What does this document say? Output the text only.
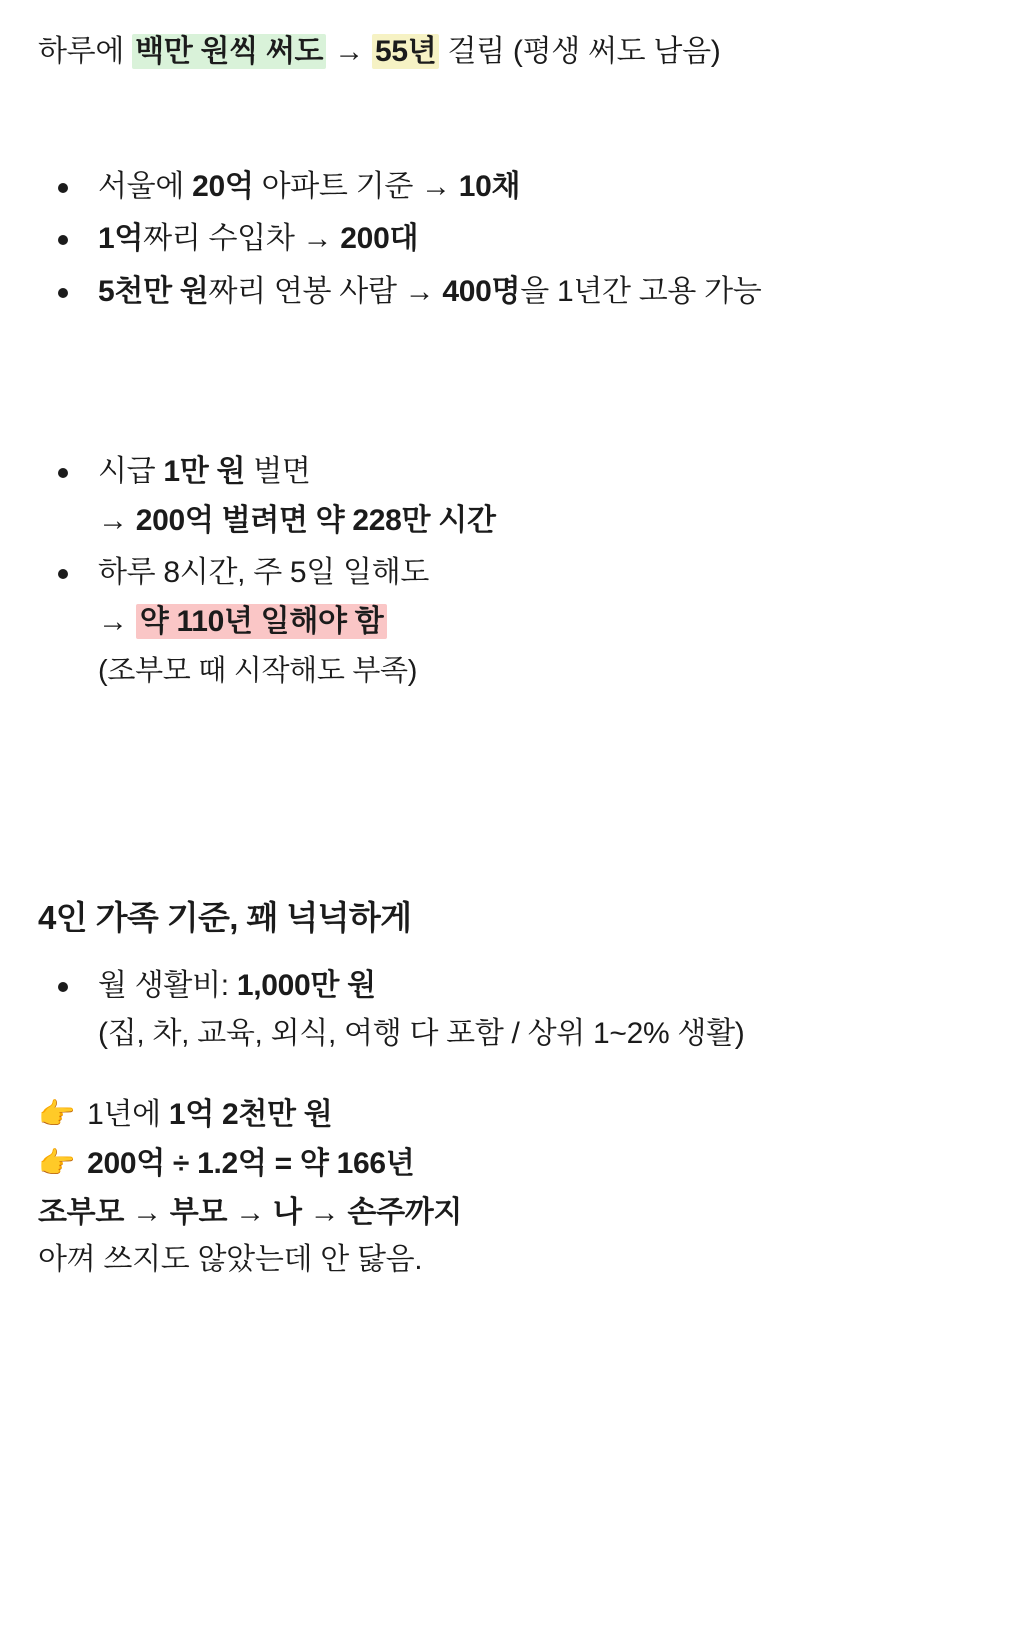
하루에 백만 원씩 써도 → 55년 걸림 (평생 써도 남음)

서울에 20억 아파트 기준 → 10채
1억짜리 수입차 → 200대
5천만 원짜리 연봉 사람 → 400명을 1년간 고용 가능
시급 1만 원 벌면
→ 200억 벌려면 약 228만 시간
하루 8시간, 주 5일 일해도
→ 약 110년 일해야 함
(조부모 때 시작해도 부족)
4인 가족 기준, 꽤 넉넉하게
월 생활비: 1,000만 원
(집, 차, 교육, 외식, 여행 다 포함 / 상위 1~2% 생활)

👉 1년에 1억 2천만 원

👉 200억 ÷ 1.2억 = 약 166년

조부모 → 부모 → 나 → 손주까지

아껴 쓰지도 않았는데 안 닳음.
